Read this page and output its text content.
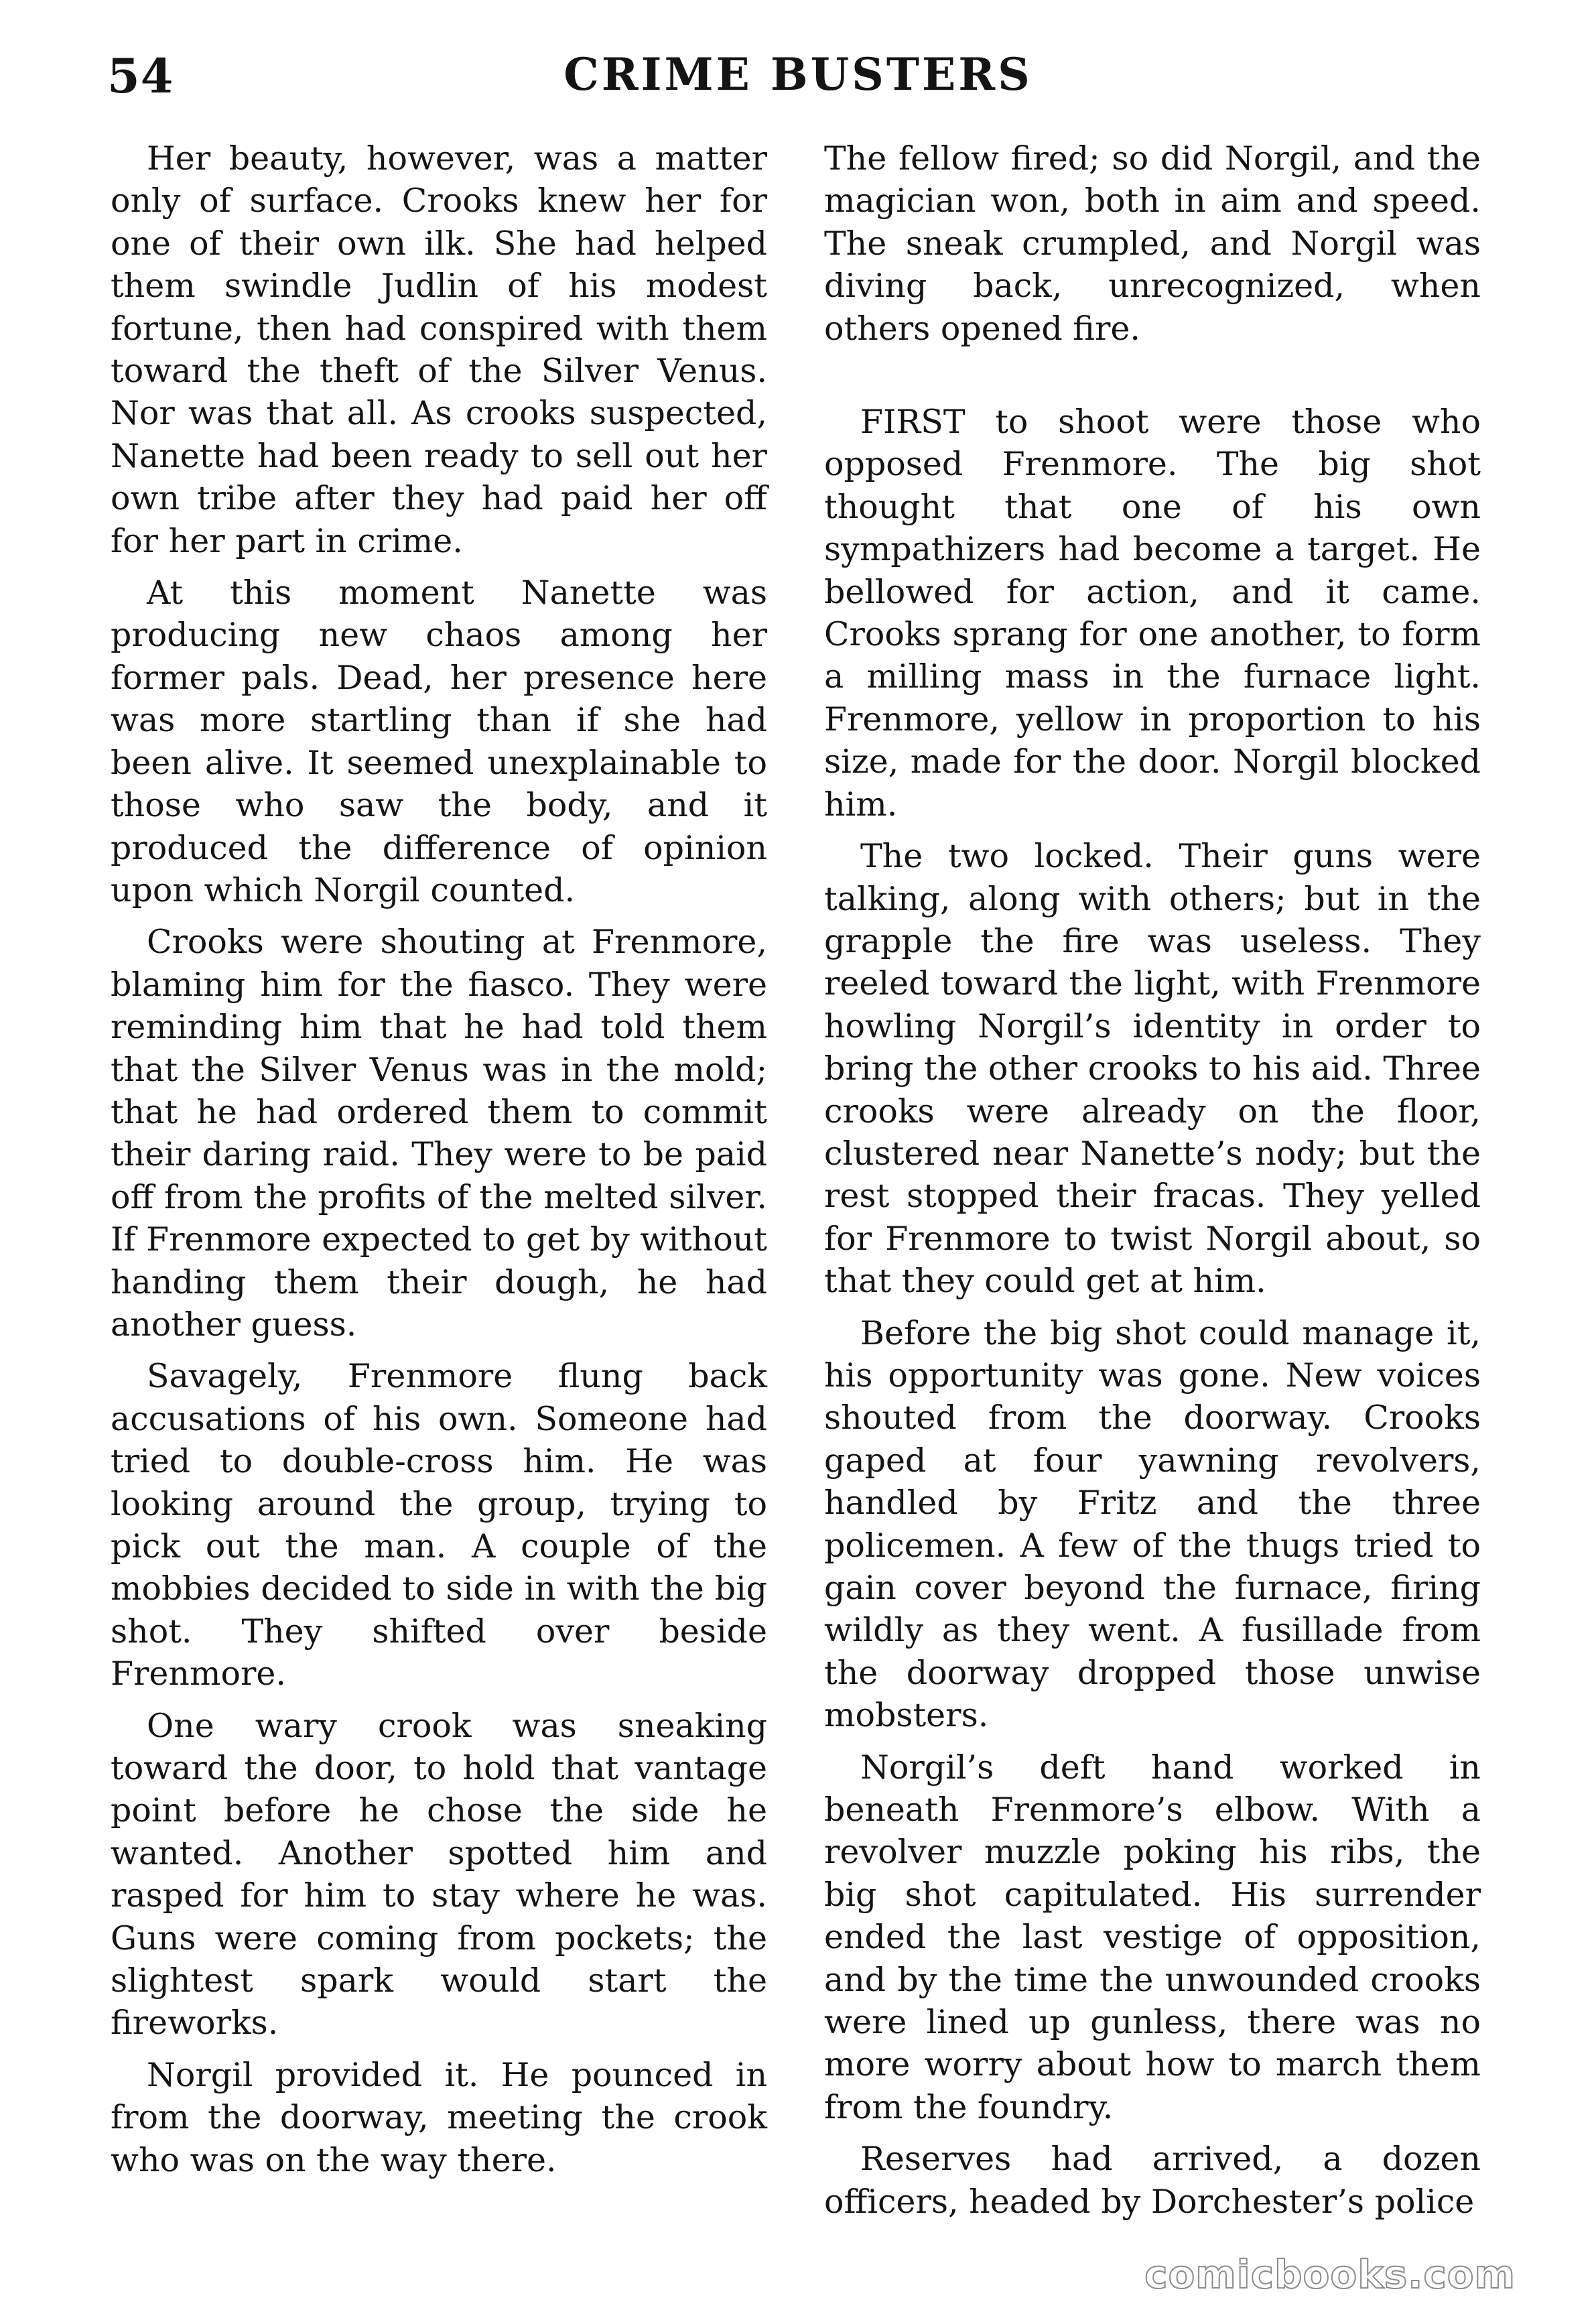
54	CRIME BUSTERS

Her beauty, however, was a matter only of surface. Crooks knew her for one of their own ilk. She had helped them swindle Judlin of his modest fortune, then had conspired with them toward the theft of the Silver Venus. Nor was that all. As crooks suspected, Nanette had been ready to sell out her own tribe after they had paid her off for her part in crime.

At this moment Nanette was producing new chaos among her former pals. Dead, her presence here was more startling than if she had been alive. It seemed unexplainable to those who saw the body, and it produced the difference of opinion upon which Norgil counted.

Crooks were shouting at Frenmore, blaming him for the fiasco. They were reminding him that he had told them that the Silver Venus was in the mold; that he had ordered them to commit their daring raid. They were to be paid off from the profits of the melted silver. If Frenmore expected to get by without handing them their dough, he had another guess.

Savagely, Frenmore flung back accusations of his own. Someone had tried to double-cross him. He was looking around the group, trying to pick out the man. A couple of the mobbies decided to side in with the big shot. They shifted over beside Frenmore.

One wary crook was sneaking toward the door, to hold that vantage point before he chose the side he wanted. Another spotted him and rasped for him to stay where he was. Guns were coming from pockets; the slightest spark would start the fireworks.

Norgil provided it. He pounced in from the doorway, meeting the crook who was on the way there.

The fellow fired; so did Norgil, and the magician won, both in aim and speed. The sneak crumpled, and Norgil was diving back, unrecognized, when others opened fire.

FIRST to shoot were those who opposed Frenmore. The big shot thought that one of his own sympathizers had become a target. He bellowed for action, and it came. Crooks sprang for one another, to form a milling mass in the furnace light. Frenmore, yellow in proportion to his size, made for the door. Norgil blocked him.

The two locked. Their guns were talking, along with others; but in the grapple the fire was useless. They reeled toward the light, with Frenmore howling Norgil’s identity in order to bring the other crooks to his aid. Three crooks were already on the floor, clustered near Nanette’s nody; but the rest stopped their fracas. They yelled for Frenmore to twist Norgil about, so that they could get at him.

Before the big shot could manage it, his opportunity was gone. New voices shouted from the doorway. Crooks gaped at four yawning revolvers, handled by Fritz and the three policemen. A few of the thugs tried to gain cover beyond the furnace, firing wildly as they went. A fusillade from the doorway dropped those unwise mobsters.

Norgil’s deft hand worked in beneath Frenmore’s elbow. With a revolver muzzle poking his ribs, the big shot capitulated. His surrender ended the last vestige of opposition, and by the time the unwounded crooks were lined up gunless, there was no more worry about how to march them from the foundry.

Reserves had arrived, a dozen officers, headed by Dorchester’s police

comicbooks.com
